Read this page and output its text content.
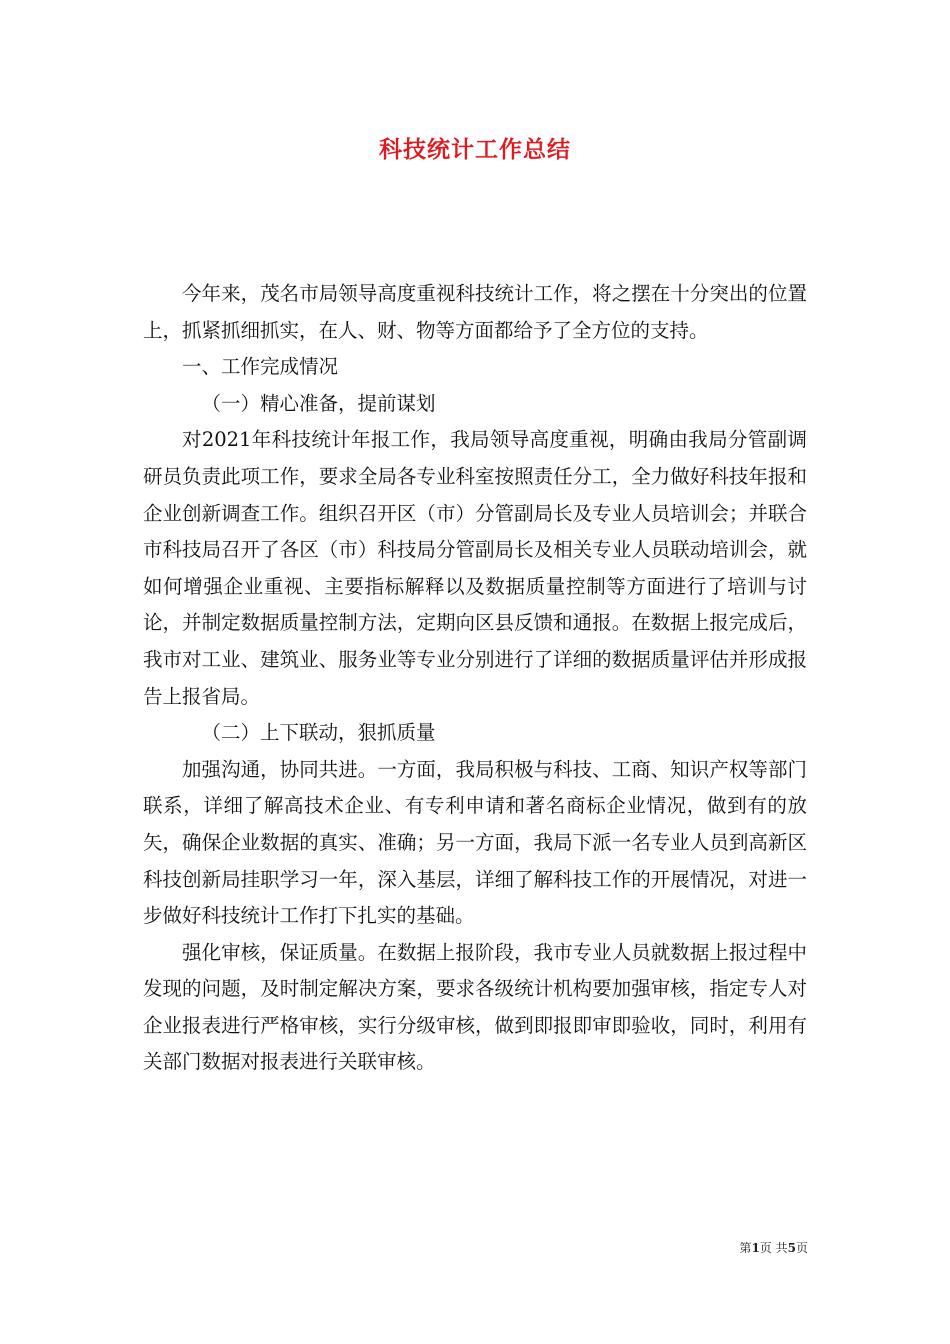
科技统计工作总结

今年来，茂名市局领导高度重视科技统计工作，将之摆在十分突出的位置上，抓紧抓细抓实，在人、财、物等方面都给予了全方位的支持。

一、工作完成情况

（一）精心准备，提前谋划

对2021年科技统计年报工作，我局领导高度重视，明确由我局分管副调研员负责此项工作，要求全局各专业科室按照责任分工，全力做好科技年报和企业创新调查工作。组织召开区（市）分管副局长及专业人员培训会；并联合市科技局召开了各区（市）科技局分管副局长及相关专业人员联动培训会，就如何增强企业重视、主要指标解释以及数据质量控制等方面进行了培训与讨论，并制定数据质量控制方法，定期向区县反馈和通报。在数据上报完成后，我市对工业、建筑业、服务业等专业分别进行了详细的数据质量评估并形成报告上报省局。

（二）上下联动，狠抓质量

加强沟通，协同共进。一方面，我局积极与科技、工商、知识产权等部门联系，详细了解高技术企业、有专利申请和著名商标企业情况，做到有的放矢，确保企业数据的真实、准确；另一方面，我局下派一名专业人员到高新区科技创新局挂职学习一年，深入基层，详细了解科技工作的开展情况，对进一步做好科技统计工作打下扎实的基础。

强化审核，保证质量。在数据上报阶段，我市专业人员就数据上报过程中发现的问题，及时制定解决方案，要求各级统计机构要加强审核，指定专人对企业报表进行严格审核，实行分级审核，做到即报即审即验收，同时，利用有关部门数据对报表进行关联审核。

第1页 共5页
